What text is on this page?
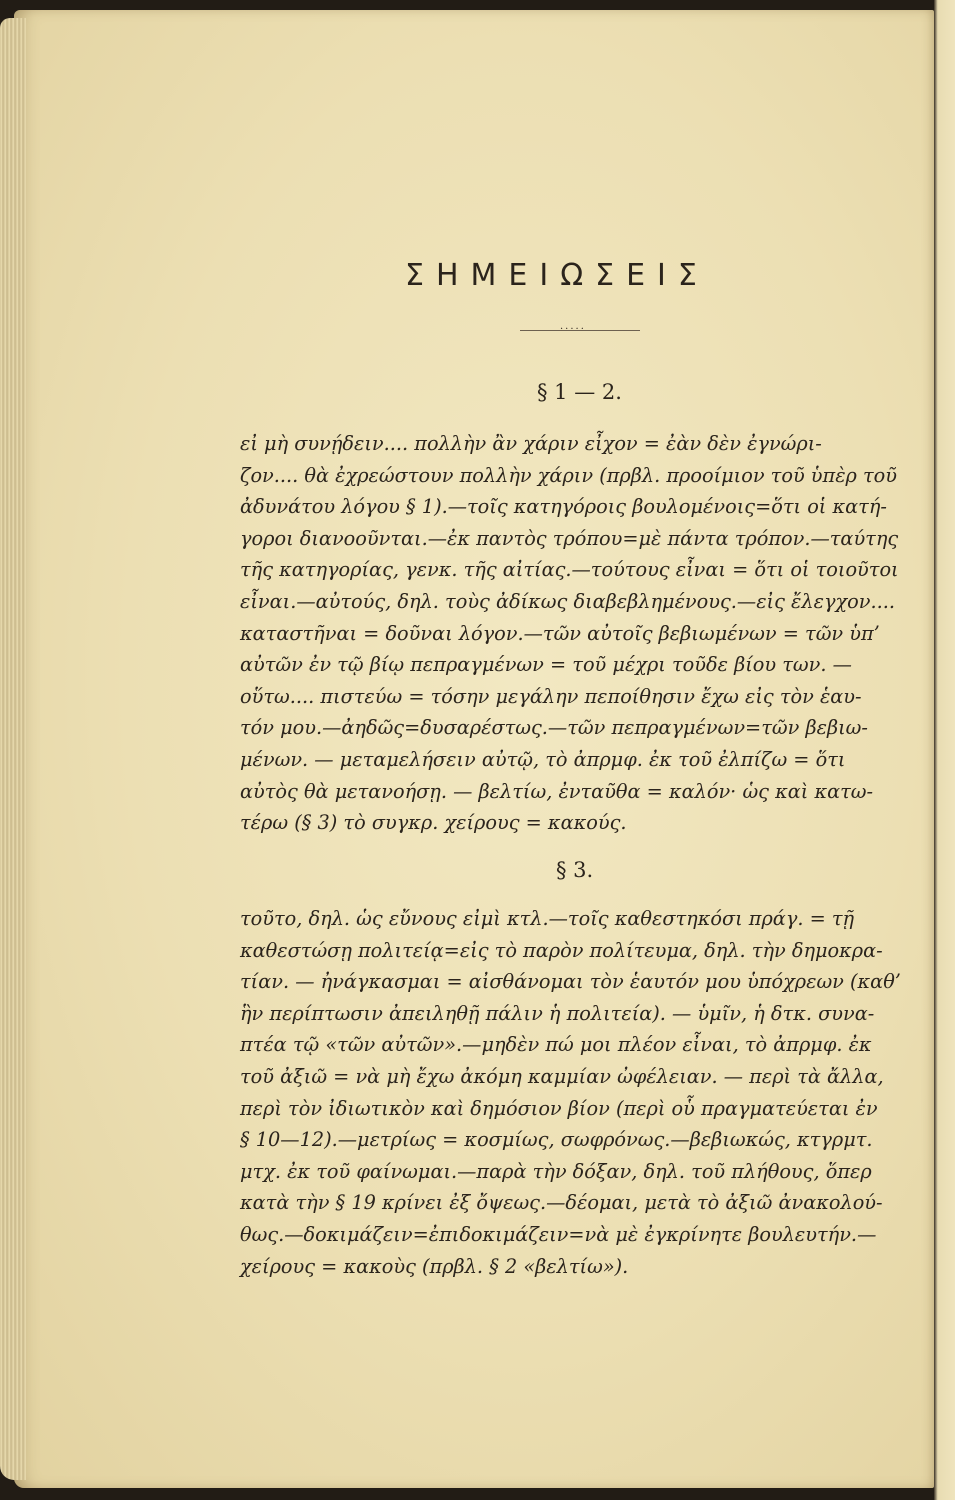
ΣΗΜΕΙΩΣΕΙΣ
·····
§ 1 — 2.
εἰ μὴ συνῄδειν.... πολλὴν ἂν χάριν εἶχον = ἐὰν δὲν ἐγνώρι-
ζον.... θὰ ἐχρεώστουν πολλὴν χάριν (πρβλ. προοίμιον τοῦ ὑπὲρ τοῦ
ἀδυνάτου λόγου § 1).—τοῖς κατηγόροις βουλομένοις=ὅτι οἱ κατή-
γοροι διανοοῦνται.—ἐκ παντὸς τρόπου=μὲ πάντα τρόπον.—ταύτης
τῆς κατηγορίας, γενκ. τῆς αἰτίας.—τούτους εἶναι = ὅτι οἱ τοιοῦτοι
εἶναι.—αὐτούς, δηλ. τοὺς ἀδίκως διαβεβλημένους.—εἰς ἔλεγχον....
καταστῆναι = δοῦναι λόγον.—τῶν αὐτοῖς βεβιωμένων = τῶν ὑπ’
αὐτῶν ἐν τῷ βίῳ πεπραγμένων = τοῦ μέχρι τοῦδε βίου των. —
οὕτω.... πιστεύω = τόσην μεγάλην πεποίθησιν ἔχω εἰς τὸν ἑαυ-
τόν μου.—ἀηδῶς=δυσαρέστως.—τῶν πεπραγμένων=τῶν βεβιω-
μένων. — μεταμελήσειν αὐτῷ, τὸ ἀπρμφ. ἐκ τοῦ ἐλπίζω = ὅτι
αὐτὸς θὰ μετανοήσῃ. — βελτίω, ἐνταῦθα = καλόν· ὡς καὶ κατω-
τέρω (§ 3) τὸ συγκρ. χείρους = κακούς.
§ 3.
τοῦτο, δηλ. ὡς εὔνους εἰμὶ κτλ.—τοῖς καθεστηκόσι πράγ. = τῇ
καθεστώσῃ πολιτείᾳ=εἰς τὸ παρὸν πολίτευμα, δηλ. τὴν δημοκρα-
τίαν. — ἠνάγκασμαι = αἰσθάνομαι τὸν ἑαυτόν μου ὑπόχρεων (καθ’
ἣν περίπτωσιν ἀπειληθῇ πάλιν ἡ πολιτεία). — ὑμῖν, ἡ δτκ. συνα-
πτέα τῷ «τῶν αὐτῶν».—μηδὲν πώ μοι πλέον εἶναι, τὸ ἀπρμφ. ἐκ
τοῦ ἀξιῶ = νὰ μὴ ἔχω ἀκόμη καμμίαν ὠφέλειαν. — περὶ τὰ ἄλλα,
περὶ τὸν ἰδιωτικὸν καὶ δημόσιον βίον (περὶ οὗ πραγματεύεται ἐν
§ 10—12).—μετρίως = κοσμίως, σωφρόνως.—βεβιωκώς, κτγρμτ.
μτχ. ἐκ τοῦ φαίνωμαι.—παρὰ τὴν δόξαν, δηλ. τοῦ πλήθους, ὅπερ
κατὰ τὴν § 19 κρίνει ἐξ ὄψεως.—δέομαι, μετὰ τὸ ἀξιῶ ἀνακολού-
θως.—δοκιμάζειν=ἐπιδοκιμάζειν=νὰ μὲ ἐγκρίνητε βουλευτήν.—
χείρους = κακοὺς (πρβλ. § 2 «βελτίω»).
